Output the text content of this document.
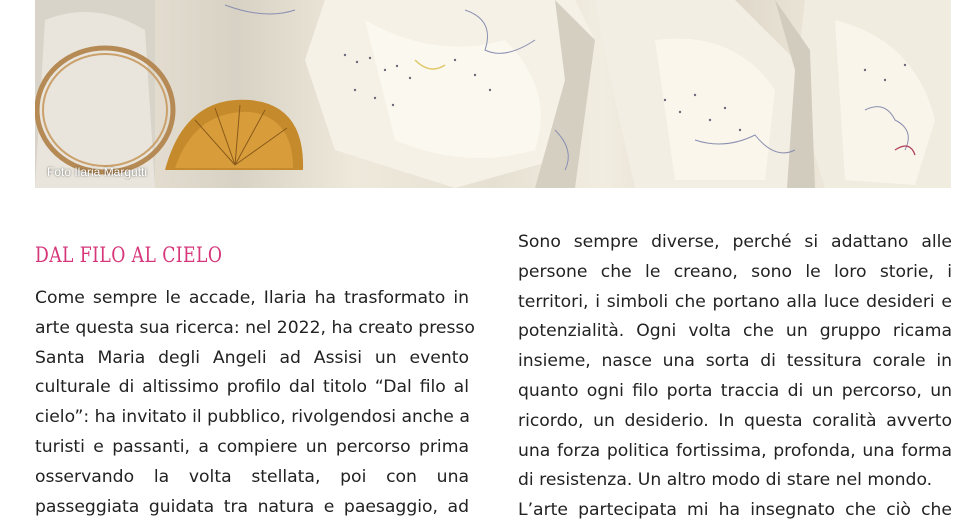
Foto Ilaria Margutti
DAL FILO AL CIELO

Come sempre le accade, Ilaria ha trasformato in
arte questa sua ricerca: nel 2022, ha creato presso
Santa Maria degli Angeli ad Assisi un evento
culturale di altissimo profilo dal titolo “Dal filo al
cielo”: ha invitato il pubblico, rivolgendosi anche a
turisti e passanti, a compiere un percorso prima
osservando la volta stellata, poi con una
passeggiata guidata tra natura e paesaggio, ad

Sono sempre diverse, perché si adattano alle
persone che le creano, sono le loro storie, i
territori, i simboli che portano alla luce desideri e
potenzialità. Ogni volta che un gruppo ricama
insieme, nasce una sorta di tessitura corale in
quanto ogni filo porta traccia di un percorso, un
ricordo, un desiderio. In questa coralità avverto
una forza politica fortissima, profonda, una forma
di resistenza. Un altro modo di stare nel mondo.
L’arte partecipata mi ha insegnato che ciò che
